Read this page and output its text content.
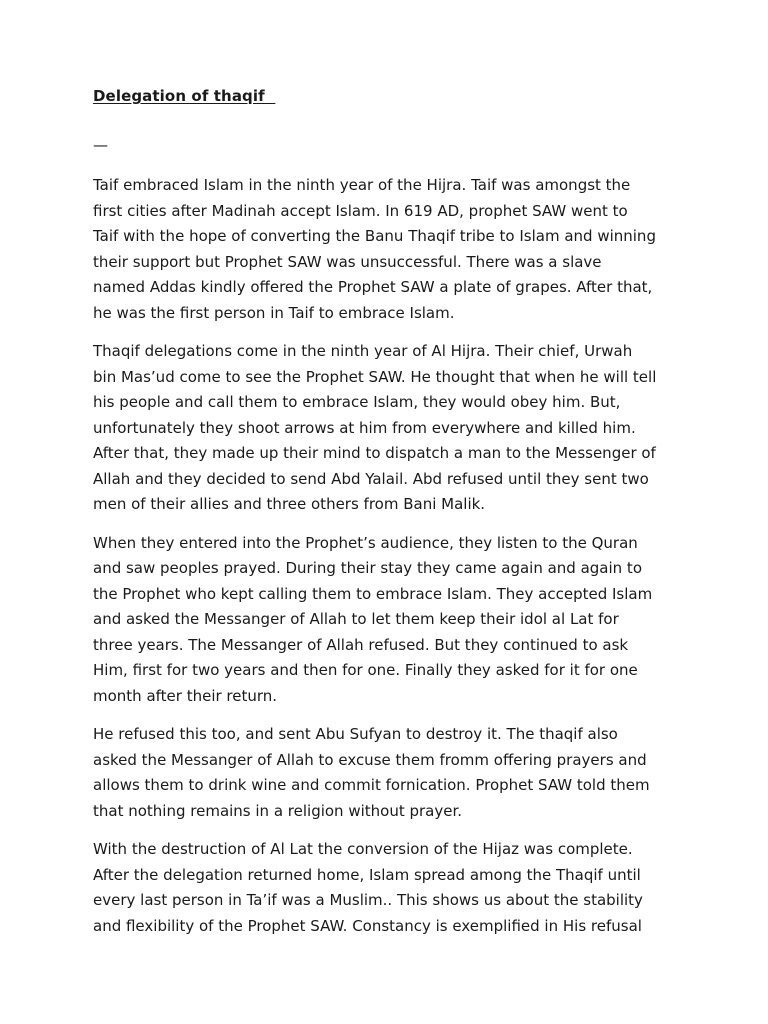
Delegation of thaqif
—

Taif embraced Islam in the ninth year of the Hijra. Taif was amongst the
first cities after Madinah accept Islam. In 619 AD, prophet SAW went to
Taif with the hope of converting the Banu Thaqif tribe to Islam and winning
their support but Prophet SAW was unsuccessful. There was a slave
named Addas kindly offered the Prophet SAW a plate of grapes. After that,
he was the first person in Taif to embrace Islam.

Thaqif delegations come in the ninth year of Al Hijra. Their chief, Urwah
bin Mas’ud come to see the Prophet SAW. He thought that when he will tell
his people and call them to embrace Islam, they would obey him. But,
unfortunately they shoot arrows at him from everywhere and killed him.
After that, they made up their mind to dispatch a man to the Messenger of
Allah and they decided to send Abd Yalail. Abd refused until they sent two
men of their allies and three others from Bani Malik.

When they entered into the Prophet’s audience, they listen to the Quran
and saw peoples prayed. During their stay they came again and again to
the Prophet who kept calling them to embrace Islam. They accepted Islam
and asked the Messanger of Allah to let them keep their idol al Lat for
three years. The Messanger of Allah refused. But they continued to ask
Him, first for two years and then for one. Finally they asked for it for one
month after their return.

He refused this too, and sent Abu Sufyan to destroy it. The thaqif also
asked the Messanger of Allah to excuse them fromm offering prayers and
allows them to drink wine and commit fornication. Prophet SAW told them
that nothing remains in a religion without prayer.

With the destruction of Al Lat the conversion of the Hijaz was complete.
After the delegation returned home, Islam spread among the Thaqif until
every last person in Ta’if was a Muslim.. This shows us about the stability
and flexibility of the Prophet SAW. Constancy is exemplified in His refusal
